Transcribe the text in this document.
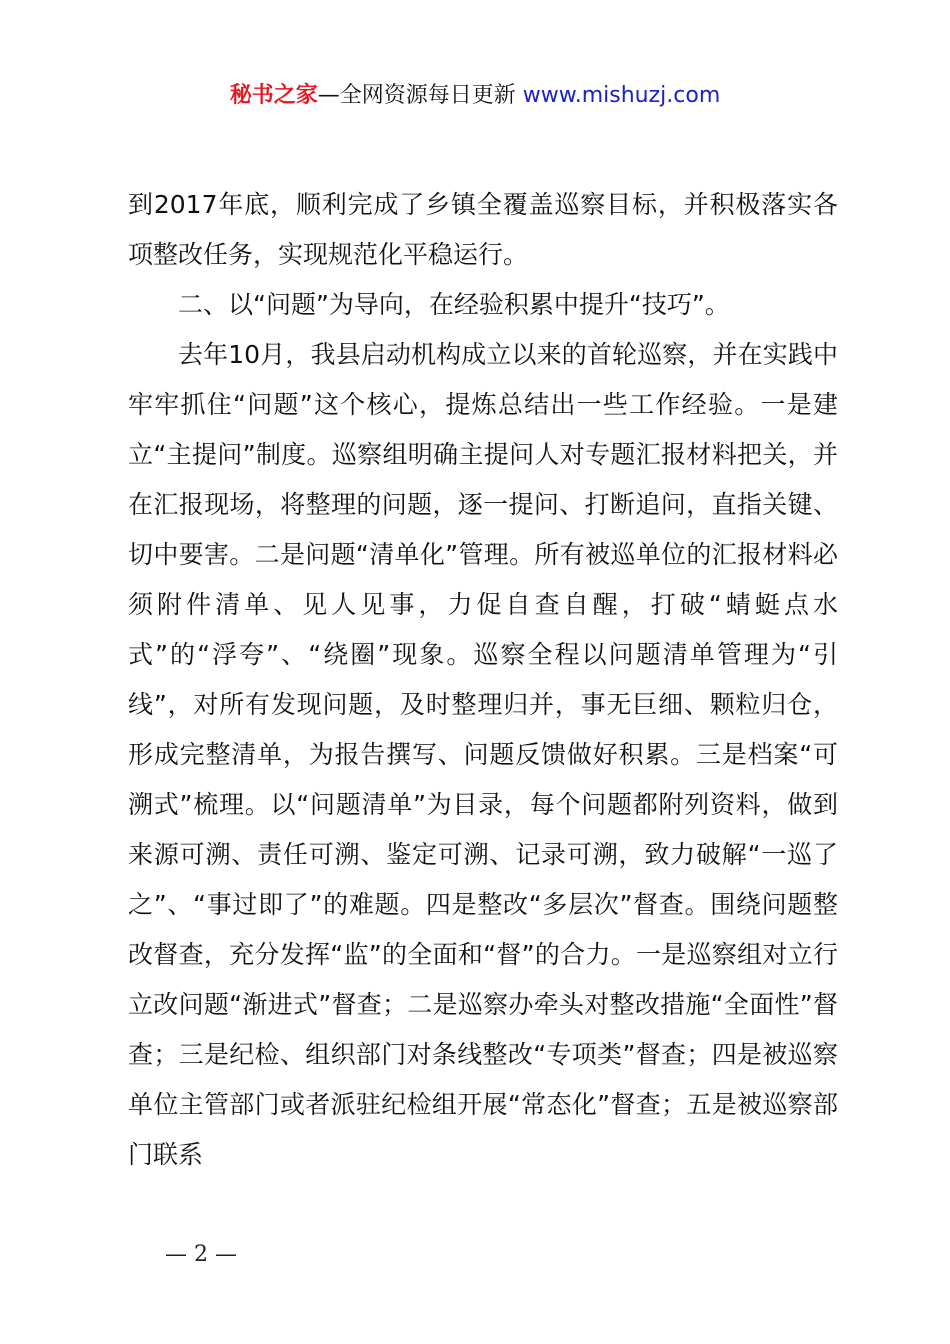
秘书之家—全网资源每日更新 www.mishuzj.com

到2017年底，顺利完成了乡镇全覆盖巡察目标，并积极落实各项整改任务，实现规范化平稳运行。

二、以“问题”为导向，在经验积累中提升“技巧”。

去年10月，我县启动机构成立以来的首轮巡察，并在实践中牢牢抓住“问题”这个核心，提炼总结出一些工作经验。一是建立“主提问”制度。巡察组明确主提问人对专题汇报材料把关，并在汇报现场，将整理的问题，逐一提问、打断追问，直指关键、切中要害。二是问题“清单化”管理。所有被巡单位的汇报材料必须附件清单、见人见事，力促自查自醒，打破“蜻蜓点水式”的“浮夸”、“绕圈”现象。巡察全程以问题清单管理为“引线”，对所有发现问题，及时整理归并，事无巨细、颗粒归仓，形成完整清单，为报告撰写、问题反馈做好积累。三是档案“可溯式”梳理。以“问题清单”为目录，每个问题都附列资料，做到来源可溯、责任可溯、鉴定可溯、记录可溯，致力破解“一巡了之”、“事过即了”的难题。四是整改“多层次”督查。围绕问题整改督查，充分发挥“监”的全面和“督”的合力。一是巡察组对立行立改问题“渐进式”督查；二是巡察办牵头对整改措施“全面性”督查；三是纪检、组织部门对条线整改“专项类”督查；四是被巡察单位主管部门或者派驻纪检组开展“常态化”督查；五是被巡察部门联系

— 2 —
